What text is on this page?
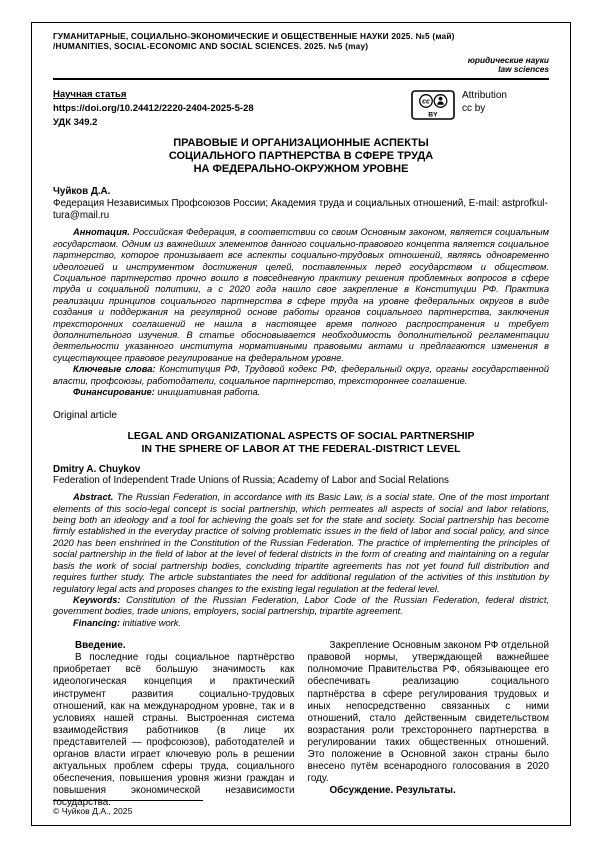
ГУМАНИТАРНЫЕ, СОЦИАЛЬНО-ЭКОНОМИЧЕСКИЕ И ОБЩЕСТВЕННЫЕ НАУКИ 2025. №5 (май)
/HUMANITIES, SOCIAL-ECONOMIC AND SOCIAL SCIENCES. 2025. №5 (may)
юридические науки
law sciences
Научная статья
https://doi.org/10.24412/2220-2404-2025-5-28
УДК 349.2
cc
BY
Attribution
cc by
ПРАВОВЫЕ И ОРГАНИЗАЦИОННЫЕ АСПЕКТЫ
СОЦИАЛЬНОГО ПАРТНЕРСТВА В СФЕРЕ ТРУДА
НА ФЕДЕРАЛЬНО-ОКРУЖНОМ УРОВНЕ
Чуйков Д.А.
Федерация Независимых Профсоюзов России; Академия труда и социальных отношений, E-mail: astprofkul-tura@mail.ru

Аннотация. Российская Федерация, в соответствии со своим Основным законом, является социальным государством. Одним из важнейших элементов данного социально-правового концепта является социальное партнерство, которое пронизывает все аспекты социально-трудовых отношений, являясь одновременно идеологией и инструментом достижения целей, поставленных перед государством и обществом. Социальное партнерство прочно вошло в повседневную практику решения проблемных вопросов в сфере труда и социальной политики, а с 2020 года нашло свое закрепление в Конституции РФ. Практика реализации принципов социального партнерства в сфере труда на уровне федеральных округов в виде создания и поддержания на регулярной основе работы органов социального партнерства, заключения трехсторонних соглашений не нашла в настоящее время полного распространения и требует дополнительного изучения. В статье обосновывается необходимость дополнительной регламентации деятельности указанного института нормативными правовыми актами и предлагаются изменения в существующее правовое регулирование на федеральном уровне.

Ключевые слова: Конституция РФ, Трудовой кодекс РФ, федеральный округ, органы государственной власти, профсоюзы, работодатели, социальное партнерство, трехстороннее соглашение.

Финансирование: инициативная работа.

Original article
LEGAL AND ORGANIZATIONAL ASPECTS OF SOCIAL PARTNERSHIP
IN THE SPHERE OF LABOR AT THE FEDERAL-DISTRICT LEVEL
Dmitry A. Chuykov
Federation of Independent Trade Unions of Russia; Academy of Labor and Social Relations

Abstract. The Russian Federation, in accordance with its Basic Law, is a social state. One of the most important elements of this socio-legal concept is social partnership, which permeates all aspects of social and labor relations, being both an ideology and a tool for achieving the goals set for the state and society. Social partnership has become firmly established in the everyday practice of solving problematic issues in the field of labor and social policy, and since 2020 has been enshrined in the Constitution of the Russian Federation. The practice of implementing the principles of social partnership in the field of labor at the level of federal districts in the form of creating and maintaining on a regular basis the work of social partnership bodies, concluding tripartite agreements has not yet found full distribution and requires further study. The article substantiates the need for additional regulation of the activities of this institution by regulatory legal acts and proposes changes to the existing legal regulation at the federal level.

Keywords: Constitution of the Russian Federation, Labor Code of the Russian Federation, federal district, government bodies, trade unions, employers, social partnership, tripartite agreement.

Financing: initiative work.

Введение.

В последние годы социальное партнёрство приобретает всё большую значимость как идеологическая концепция и практический инструмент развития социально-трудовых отношений, как на международном уровне, так и в условиях нашей страны. Выстроенная система взаимодействия работников (в лице их представителей — профсоюзов), работодателей и органов власти играет ключевую роль в решении актуальных проблем сферы труда, социального обеспечения, повышения уровня жизни граждан и повышения экономической независимости государства.

Закрепление Основным законом РФ отдельной правовой нормы, утверждающей важнейшее полномочие Правительства РФ, обязывающее его обеспечивать реализацию социального партнёрства в сфере регулирования трудовых и иных непосредственно связанных с ними отношений, стало действенным свидетельством возрастания роли трехстороннего партнерства в регулировании таких общественных отношений. Это положение в Основной закон страны было внесено путём всенародного голосования в 2020 году.

Обсуждение. Результаты.
© Чуйков Д.А., 2025
